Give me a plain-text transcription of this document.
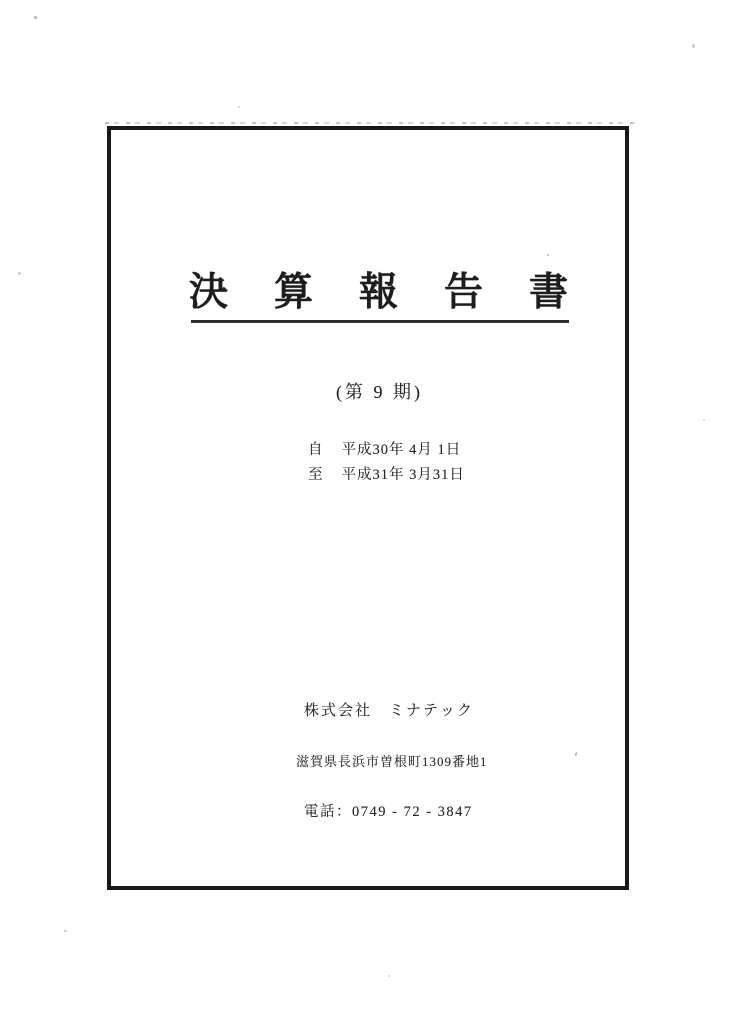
決算報告書
(第 9 期)
自 平成30年 4月 1日
至 平成31年 3月31日
株式会社　ミナテック
滋賀県長浜市曽根町1309番地1
電話：0749 - 72 - 3847
